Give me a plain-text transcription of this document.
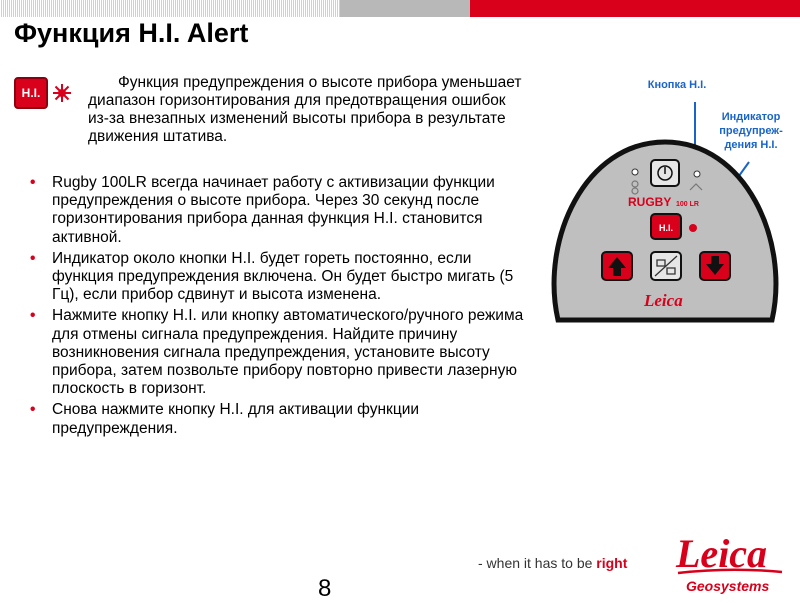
Функция H.I. Alert
H.I.

Функция предупреждения о высоте прибора уменьшает диапазон горизонтирования для предотвращения ошибок из-за внезапных изменений высоты прибора в результате движения штатива.

• Rugby 100LR всегда начинает работу с активизации функции предупреждения о высоте прибора. Через 30 секунд после горизонтирования прибора данная функция H.I. становится активной.
• Индикатор около кнопки H.I. будет гореть постоянно, если функция предупреждения включена. Он будет быстро мигать (5 Гц), если прибор сдвинут и высота изменена.
• Нажмите кнопку H.I. или кнопку автоматического/ручного режима для отмены сигнала предупреждения. Найдите причину возникновения сигнала предупреждения, установите высоту прибора, затем позвольте прибору повторно привести лазерную плоскость в горизонт.
• Снова нажмите кнопку H.I. для активации функции предупреждения.
Кнопка H.I.
Индикатор
предупреж-
дения H.I.
RUGBY 100 LR
H.I.
Leica
- when it has to be right Leica
Geosystems
8
